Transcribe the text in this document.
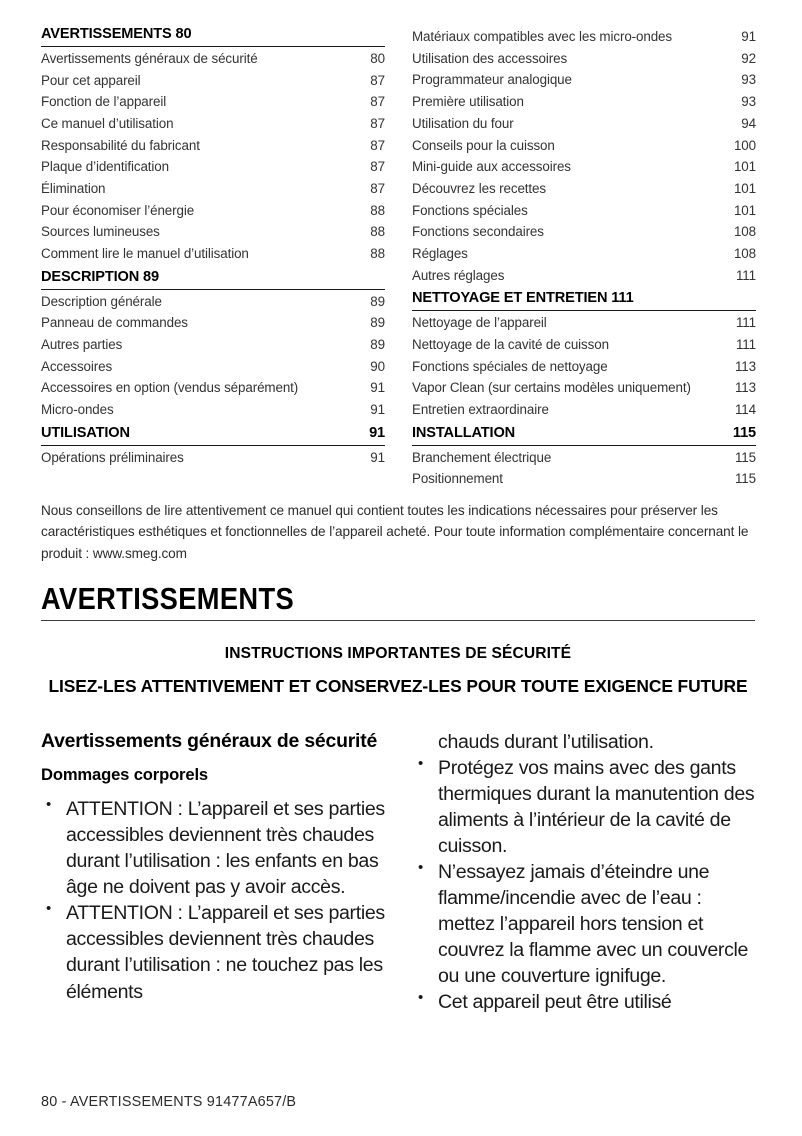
AVERTISSEMENTS 80
Avertissements généraux de sécurité	80
Pour cet appareil	87
Fonction de l’appareil	87
Ce manuel d’utilisation	87
Responsabilité du fabricant	87
Plaque d’identification	87
Élimination	87
Pour économiser l’énergie	88
Sources lumineuses	88
Comment lire le manuel d’utilisation	88
DESCRIPTION 89
Description générale	89
Panneau de commandes	89
Autres parties	89
Accessoires	90
Accessoires en option (vendus séparément)	91
Micro-ondes	91
UTILISATION	91
Opérations préliminaires	91
Matériaux compatibles avec les micro-ondes	91
Utilisation des accessoires	92
Programmateur analogique	93
Première utilisation	93
Utilisation du four	94
Conseils pour la cuisson	100
Mini-guide aux accessoires	101
Découvrez les recettes	101
Fonctions spéciales	101
Fonctions secondaires	108
Réglages	108
Autres réglages	111
NETTOYAGE ET ENTRETIEN 111
Nettoyage de l’appareil	111
Nettoyage de la cavité de cuisson	111
Fonctions spéciales de nettoyage	113
Vapor Clean (sur certains modèles uniquement)	113
Entretien extraordinaire	114
INSTALLATION	115
Branchement électrique	115
Positionnement	115
Nous conseillons de lire attentivement ce manuel qui contient toutes les indications nécessaires pour préserver les caractéristiques esthétiques et fonctionnelles de l’appareil acheté. Pour toute information complémentaire concernant le produit : www.smeg.com
AVERTISSEMENTS
INSTRUCTIONS IMPORTANTES DE SÉCURITÉ
LISEZ-LES ATTENTIVEMENT ET CONSERVEZ-LES POUR TOUTE EXIGENCE FUTURE
Avertissements généraux de sécurité
Dommages corporels
• ATTENTION : L’appareil et ses parties accessibles deviennent très chaudes durant l’utilisation : les enfants en bas âge ne doivent pas y avoir accès.
• ATTENTION : L’appareil et ses parties accessibles deviennent très chaudes durant l’utilisation : ne touchez pas les éléments

chauds durant l’utilisation.

• Protégez vos mains avec des gants thermiques durant la manutention des aliments à l’intérieur de la cavité de cuisson.
• N’essayez jamais d’éteindre une flamme/incendie avec de l’eau : mettez l’appareil hors tension et couvrez la flamme avec un couvercle ou une couverture ignifuge.
• Cet appareil peut être utilisé
80 - AVERTISSEMENTS 91477A657/B
